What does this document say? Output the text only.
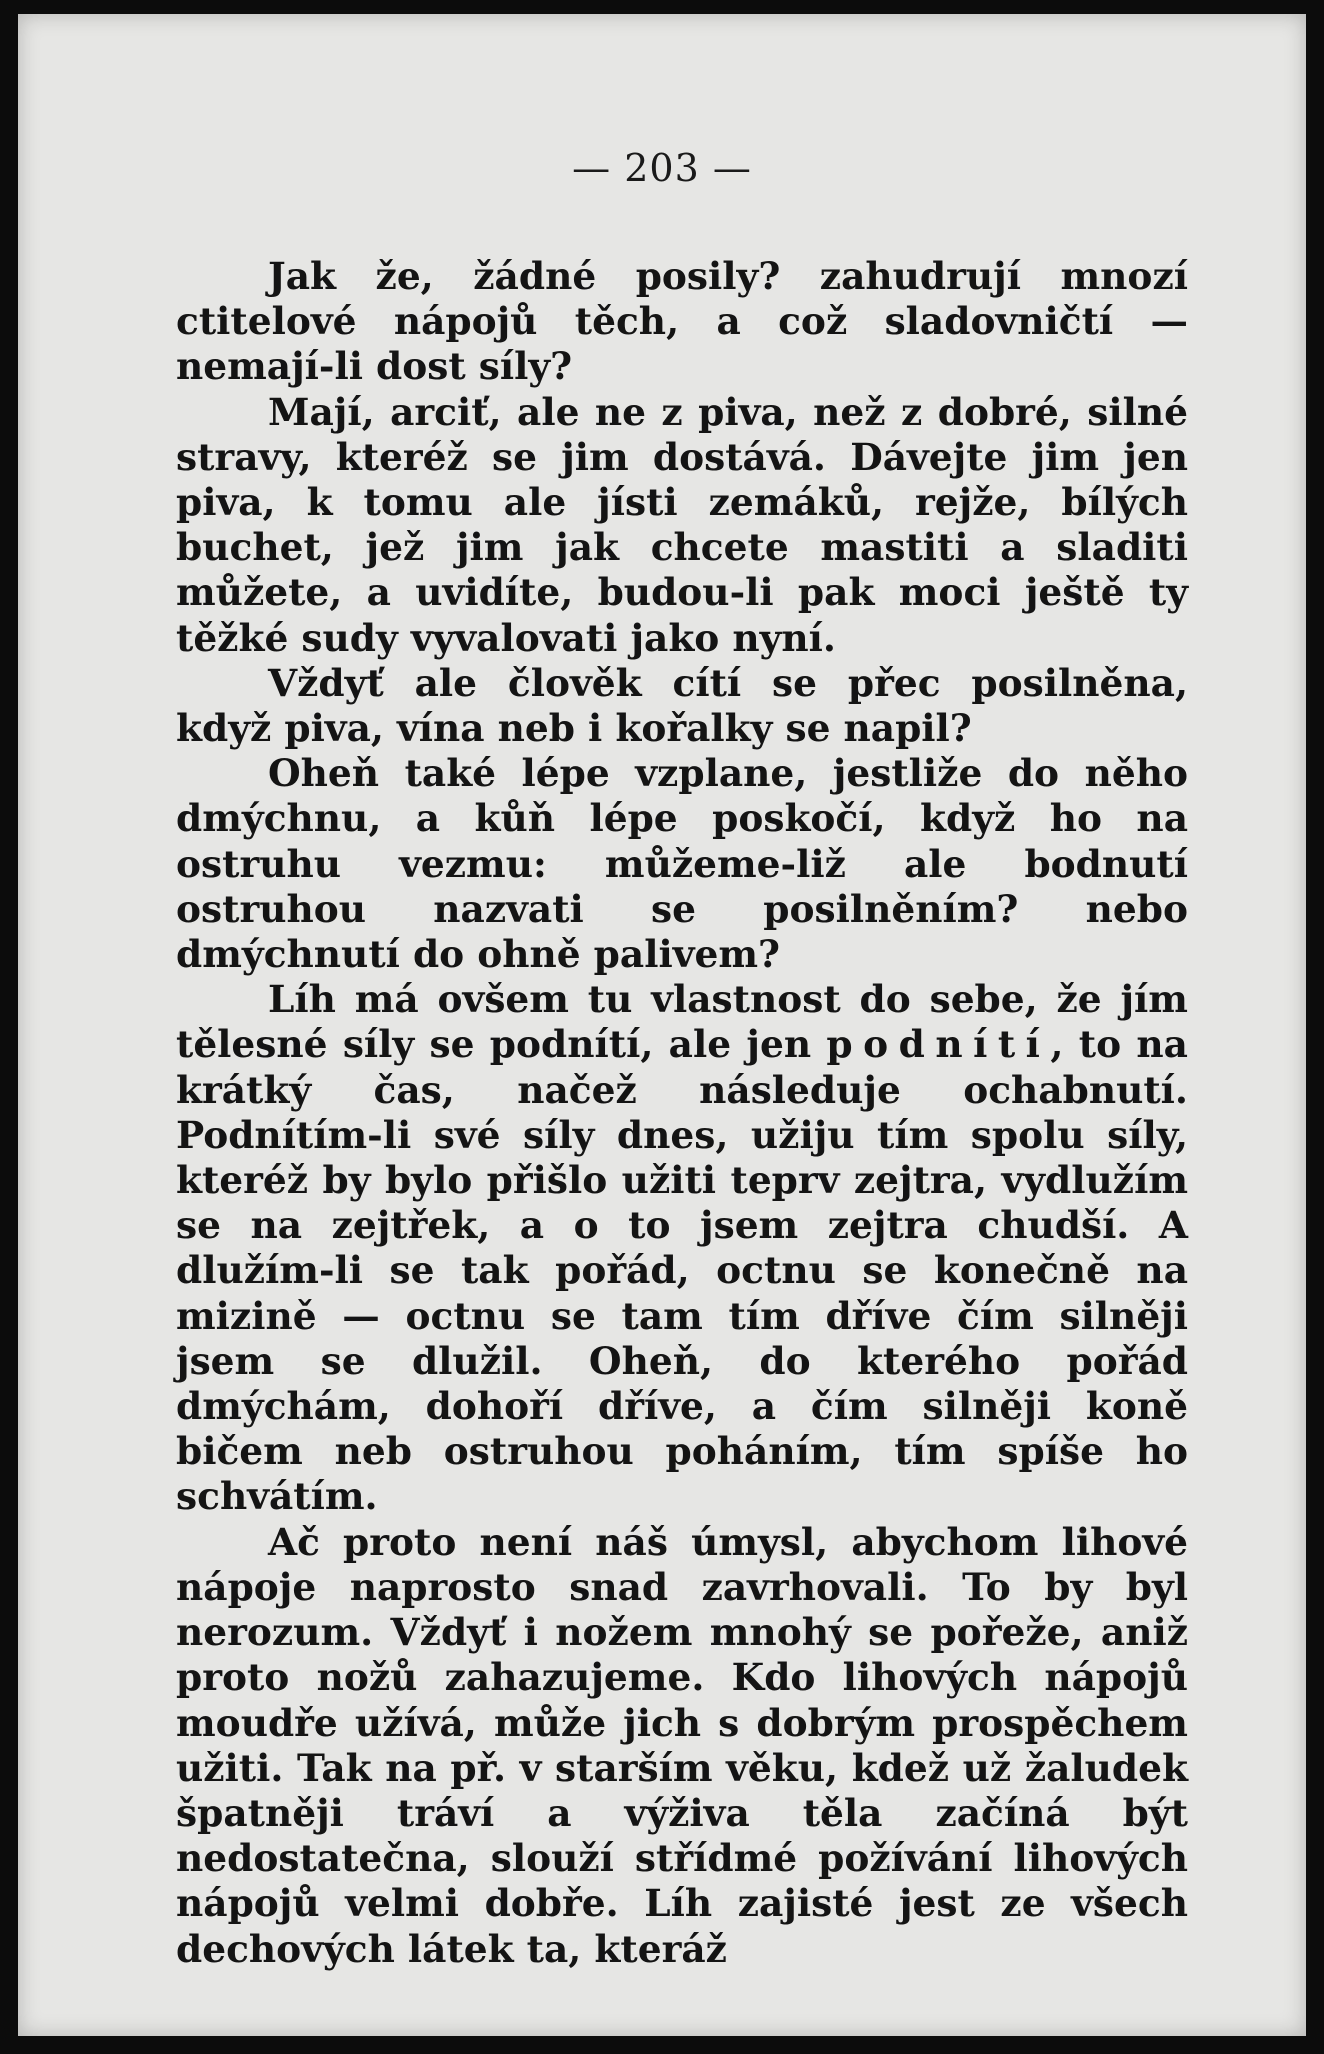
— 203 —

Jak že, žádné posily? zahudrují mnozí ctitelové nápojů těch, a což sladovničtí — nemají-li dost síly?

Mají, arciť, ale ne z piva, než z dobré, silné stravy, kteréž se jim dostává. Dávejte jim jen piva, k tomu ale jísti zemáků, rejže, bílých buchet, jež jim jak chcete mastiti a sladiti můžete, a uvidíte, budou-li pak moci ještě ty těžké sudy vyvalovati jako nyní.

Vždyť ale člověk cítí se přec posilněna, když piva, vína neb i kořalky se napil?

Oheň také lépe vzplane, jestliže do něho dmýchnu, a kůň lépe poskočí, když ho na ostruhu vezmu: můžeme-liž ale bodnutí ostruhou nazvati se posilněním? nebo dmýchnutí do ohně palivem?

Líh má ovšem tu vlastnost do sebe, že jím tělesné síly se podnítí, ale jen podnítí, to na krátký čas, načež následuje ochabnutí. Podnítím-li své síly dnes, užiju tím spolu síly, kteréž by bylo přišlo užiti teprv zejtra, vydlužím se na zejtřek, a o to jsem zejtra chudší. A dlužím-li se tak pořád, octnu se konečně na mizině — octnu se tam tím dříve čím silněji jsem se dlužil. Oheň, do kterého pořád dmýchám, dohoří dříve, a čím silněji koně bičem neb ostruhou poháním, tím spíše ho schvátím.

Ač proto není náš úmysl, abychom lihové nápoje naprosto snad zavrhovali. To by byl nerozum. Vždyť i nožem mnohý se pořeže, aniž proto nožů zahazujeme. Kdo lihových nápojů moudře užívá, může jich s dobrým prospěchem užiti. Tak na př. v starším věku, kdež už žaludek špatněji tráví a výživa těla začíná být nedostatečna, slouží střídmé požívání lihových nápojů velmi dobře. Líh zajisté jest ze všech dechových látek ta, kteráž
